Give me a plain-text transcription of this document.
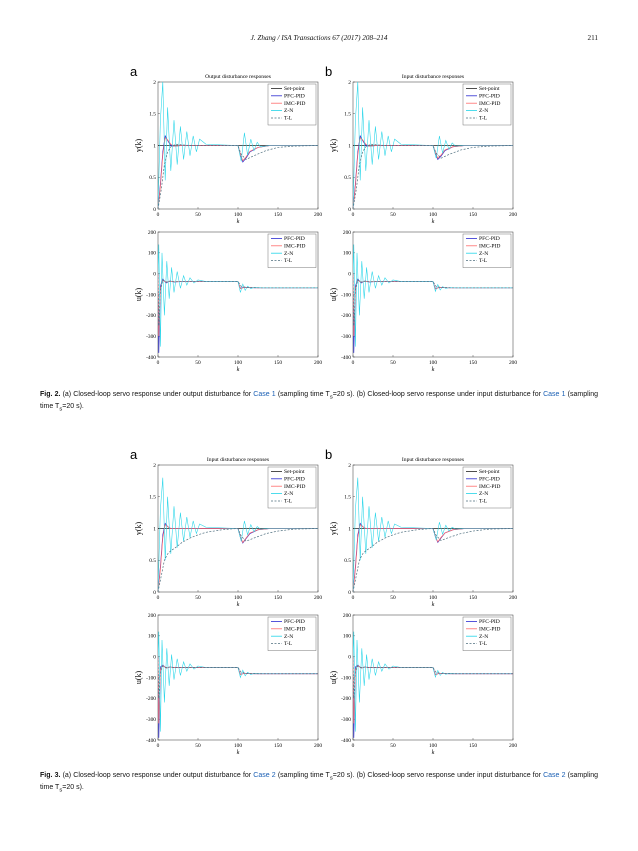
J. Zhang / ISA Transactions 67 (2017) 208–214	211
a	Output disturbance responses
0	50	100	150	200
0
0.5
1
1.5
2
k
y(k)
Set-point
PFC-PID
IMC-PID
Z-N
T-L
b	Input disturbance responses
0	50	100	150	200
0
0.5
1
1.5
2
k
y(k)
Set-point
PFC-PID
IMC-PID
Z-N
T-L
0	50	100	150	200
-400
-300
-200
-100
0
100
200
k
u(k)
PFC-PID
IMC-PID
Z-N
T-L
0	50	100	150	200
-400
-300
-200
-100
0
100
200
k
u(k)
PFC-PID
IMC-PID
Z-N
T-L
Fig. 2. (a) Closed-loop servo response under output disturbance for Case 1 (sampling time $T_s=20$ s). (b) Closed-loop servo response under input disturbance for Case 1 (sampling time $T_s=20$ s).
a	Input disturbance responses
0	50	100	150	200
0
0.5
1
1.5
2
k
y(k)
Set-point
PFC-PID
IMC-PID
Z-N
T-L
b	Input disturbance responses
0	50	100	150	200
0
0.5
1
1.5
2
k
y(k)
Set-point
PFC-PID
IMC-PID
Z-N
T-L
0	50	100	150	200
-400
-300
-200
-100
0
100
200
k
u(k)
PFC-PID
IMC-PID
Z-N
T-L
0	50	100	150	200
-400
-300
-200
-100
0
100
200
k
u(k)
PFC-PID
IMC-PID
Z-N
T-L
Fig. 3. (a) Closed-loop servo response under output disturbance for Case 2 (sampling time $T_s=20$ s). (b) Closed-loop servo response under input disturbance for Case 2 (sampling time $T_s=20$ s).
